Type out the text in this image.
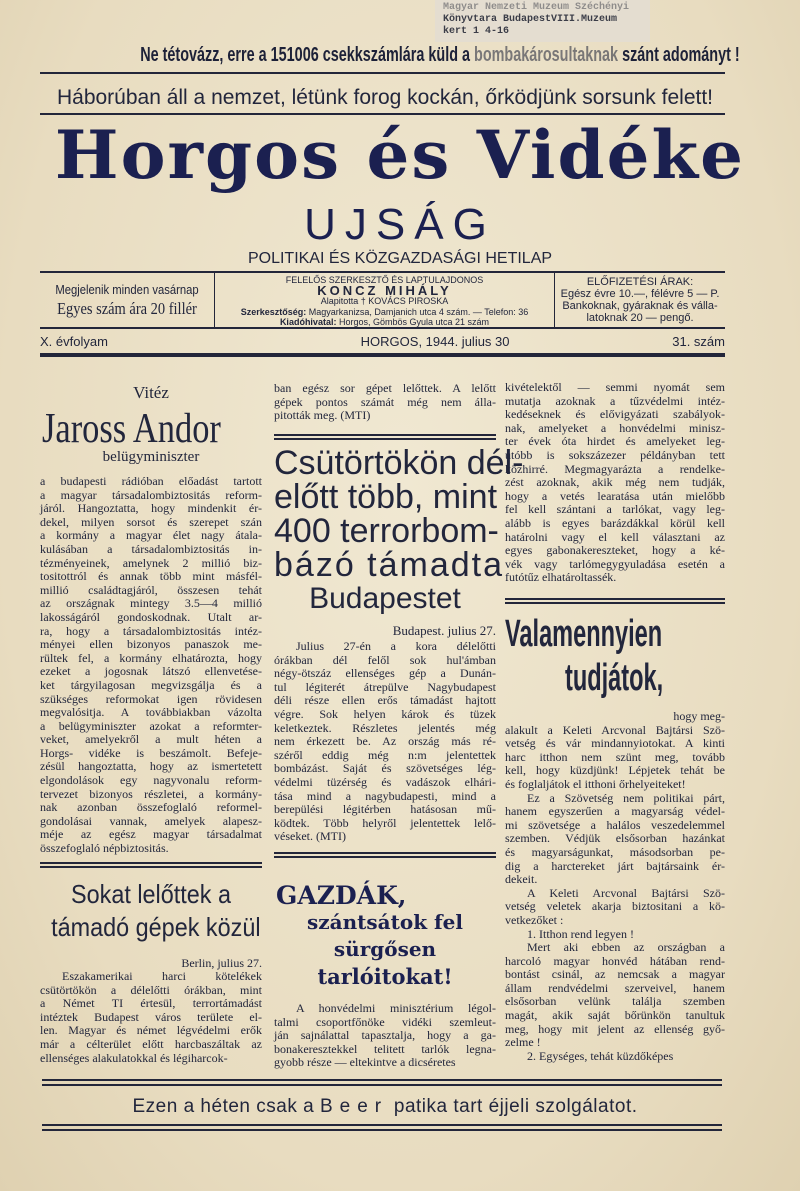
Magyar Nemzeti Muzeum Széchényi
Könyvtara BudapestVIII.Muzeum
kert 1 4-16
Ne tétovázz, erre a 151006 csekkszámlára küld a bombakárosultaknak szánt adományt !
Háborúban áll a nemzet, létünk forog kockán, őrködjünk sorsunk felett!
Horgos és Vidéke
UJSÁG
POLITIKAI ÉS KÖZGAZDASÁGI HETILAP
Megjelenik minden vasárnap
Egyes szám ára 20 fillér
FELELŐS SZERKESZTŐ ÉS LAPTULAJDONOS
KONCZ MIHÁLY
Alapitotta † KOVÁCS PIROSKA
Szerkesztőség: Magyarkanizsa, Damjanich utca 4 szám. — Telefon: 36
Kiadóhivatal: Horgos, Gömbös Gyula utca 21 szám
ELŐFIZETÉSI ÁRAK:
Egész évre 10.—, félévre 5 — P.
Bankoknak, gyáraknak és válla-
latoknak 20 — pengő.
X. évfolyam	HORGOS, 1944. julius 30	31. szám
Vitéz
Jaross Andor
belügyminiszter
a budapesti rádióban előadást tartott
a magyar társadalombiztositás reform-
járól. Hangoztatta, hogy mindenkit ér-
dekel, milyen sorsot és szerepet szán
a kormány a magyar élet nagy átala-
kulásában a társadalombiztositás in-
tézményeinek, amelynek 2 millió biz-
tositottról és annak több mint másfél-
millió családtagjáról, összesen tehát
az országnak mintegy 3.5—4 millió
lakosságáról gondoskodnak. Utalt ar-
ra, hogy a társadalombiztositás intéz-
ményei ellen bizonyos panaszok me-
rültek fel, a kormány elhatározta, hogy
ezeket a jogosnak látszó ellenvetése-
ket tárgyilagosan megvizsgálja és a
szükséges reformokat igen rövidesen
megvalósitja. A továbbiakban vázolta
a belügyminiszter azokat a reformter-
veket, amelyekről a mult héten a
Horgs- vidéke is beszámolt. Befeje-
zésül hangoztatta, hogy az ismertetett
elgondolások egy nagyvonalu reform-
tervezet bizonyos részletei, a kormány-
nak azonban összefoglaló reformel-
gondolásai vannak, amelyek alapesz-
méje az egész magyar társadalmat
összefoglaló népbiztositás.
Sokat lelőttek a
támadó gépek közül
Berlin, julius 27.
Eszakamerikai harci kötelékek
csütörtökön a délelőtti órákban, mint
a Német TI értesül, terrortámadást
intéztek Budapest város területe el-
len. Magyar és német légvédelmi erők
már a célterület előtt harcbaszáltak az
ellenséges alakulatokkal és légiharcok-
ban egész sor gépet lelőttek. A lelőtt
gépek pontos számát még nem álla-
pitották meg. (MTI)
Csütörtökön dél-
előtt több, mint
400 terrorbom-
bázó támadta
Budapestet
Budapest. julius 27.
Julius 27-én a kora délelőtti
órákban dél felől sok hul'ámban
négy-ötszáz ellenséges gép a Dunán-
tul légiterét átrepülve Nagybudapest
déli része ellen erős támadást hajtott
végre. Sok helyen károk és tüzek
keletkeztek. Részletes jelentés még
nem érkezett be. Az ország más ré-
széről eddig még n:m jelentettek
bombázást. Saját és szövetséges lég-
védelmi tüzérség és vadászok elhári-
tása mind a nagybudapesti, mind a
berepülési légitérben hatásosan mű-
ködtek. Több helyről jelentettek lelő-
véseket. (MTI)
GAZDÁK,
szántsátok fel
sürgősen
tarlóitokat!
A honvédelmi minisztérium légol-
talmi csoportfőnöke vidéki szemleut-
ján sajnálattal tapasztalja, hogy a ga-
bonakeresztekkel telitett tarlók legna-
gyobb része — eltekintve a dicséretes
kivételektől — semmi nyomát sem
mutatja azoknak a tűzvédelmi intéz-
kedéseknek és elővigyázati szabályok-
nak, amelyeket a honvédelmi minisz-
ter évek óta hirdet és amelyeket leg-
utóbb is sokszázezer példányban tett
közhirré. Megmagyarázta a rendelke-
zést azoknak, akik még nem tudják,
hogy a vetés learatása után mielőbb
fel kell szántani a tarlókat, vagy leg-
alább is egyes barázdákkal körül kell
határolni vagy el kell választani az
egyes gabonakereszteket, hogy a ké-
vék vagy tarlómegygyuladása esetén a
futótűz elhatároltassék.
Valamennyien
tudjátok,
hogy meg-
alakult a Keleti Arcvonal Bajtársi Szö-
vetség és vár mindannyiotokat. A kinti
harc itthon nem szünt meg, tovább
kell, hogy küzdjünk! Lépjetek tehát be
és foglaljátok el itthoni őrhelyeiteket!
Ez a Szövetség nem politikai párt,
hanem egyszerűen a magyarság védel-
mi szövetsége a halálos veszedelemmel
szemben. Védjük elsősorban hazánkat
és magyarságunkat, másodsorban pe-
dig a harctereket járt bajtársaink ér-
dekeit.
A Keleti Arcvonal Bajtársi Szö-
vetség veletek akarja biztositani a kö-
vetkezőket :
1. Itthon rend legyen !
Mert aki ebben az országban a
harcoló magyar honvéd hátában rend-
bontást csinál, az nemcsak a magyar
állam rendvédelmi szerveivel, hanem
elsősorban velünk találja szemben
magát, akik saját bőrünkön tanultuk
meg, hogy mit jelent az ellenség győ-
zelme !
2. Egységes, tehát küzdőképes
Ezen a héten csak a Beer patika tart éjjeli szolgálatot.
